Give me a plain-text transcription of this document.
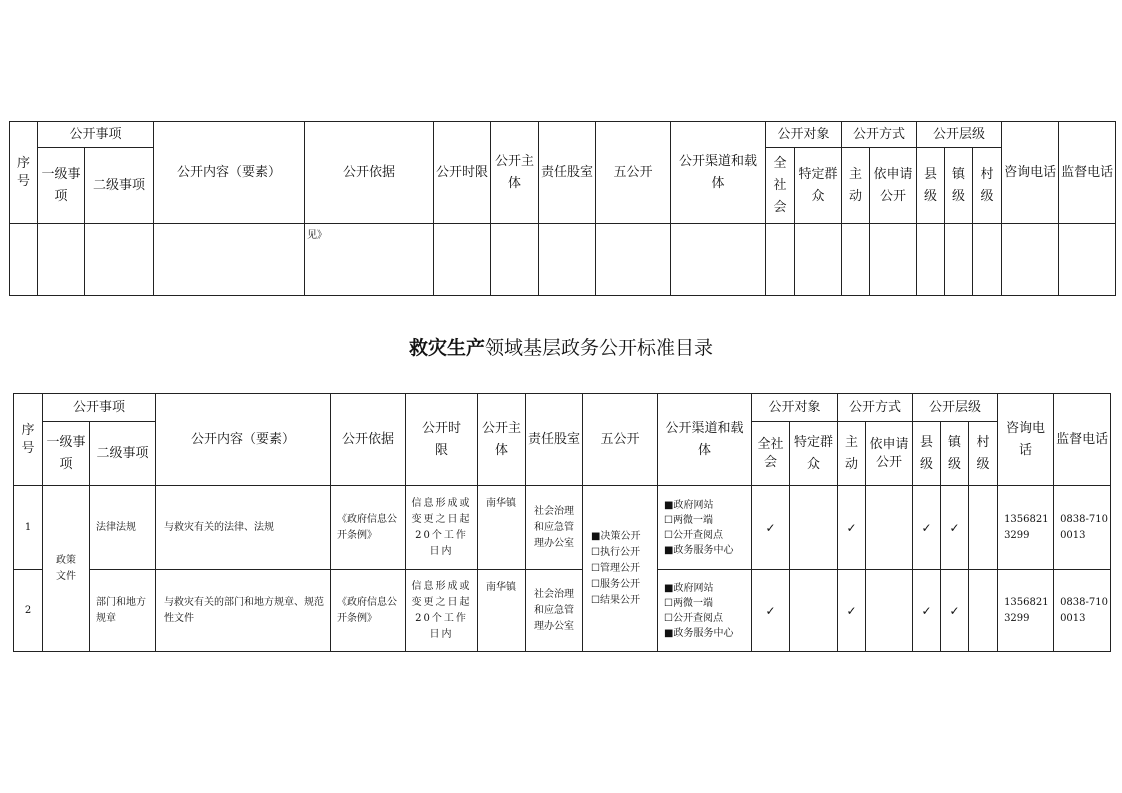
序号	公开事项		公开内容（要素）	公开依据	公开时限	公开主体	责任股室	五公开	公开渠道和载体	公开对象		公开方式		公开层级			咨询电话	监督电话
	一级事项	二级事项								全社会	特定群众	主动	依申请公开	县级	镇级	村级		
				见》														
救灾生产领域基层政务公开标准目录
序号	公开事项		公开内容（要素）	公开依据	公开时限	公开主体	责任股室	五公开	公开渠道和载体	公开对象		公开方式		公开层级			咨询电话	监督电话
	一级事项	二级事项								全社会	特定群众	主动	依申请公开	县级	镇级	村级		
1	政策文件	法律法规	与救灾有关的法律、法规	《政府信息公开条例》	信息形成或变更之日起20个工作日内	南华镇	社会治理和应急管理办公室	■决策公开
☐执行公开
☐管理公开
☐服务公开
☐结果公开	■政府网站
☐两微一端
☐公开查阅点
■政务服务中心	✓		✓		✓	✓		13568213299	0838-7100013
2		部门和地方规章	与救灾有关的部门和地方规章、规范性文件	《政府信息公开条例》	信息形成或变更之日起20个工作日内	南华镇	社会治理和应急管理办公室		■政府网站
☐两微一端
☐公开查阅点
■政务服务中心	✓		✓		✓	✓		13568213299	0838-7100013
